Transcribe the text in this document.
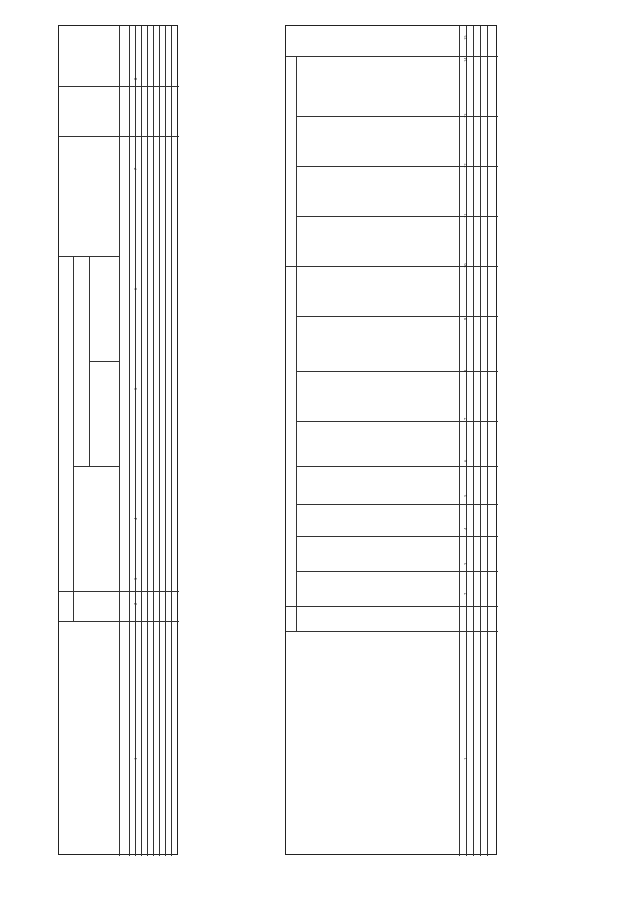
1
2
3
4
5
6
7
8
1
2
3
4
5
6
7
8
9
10
11
12
13
14
15
